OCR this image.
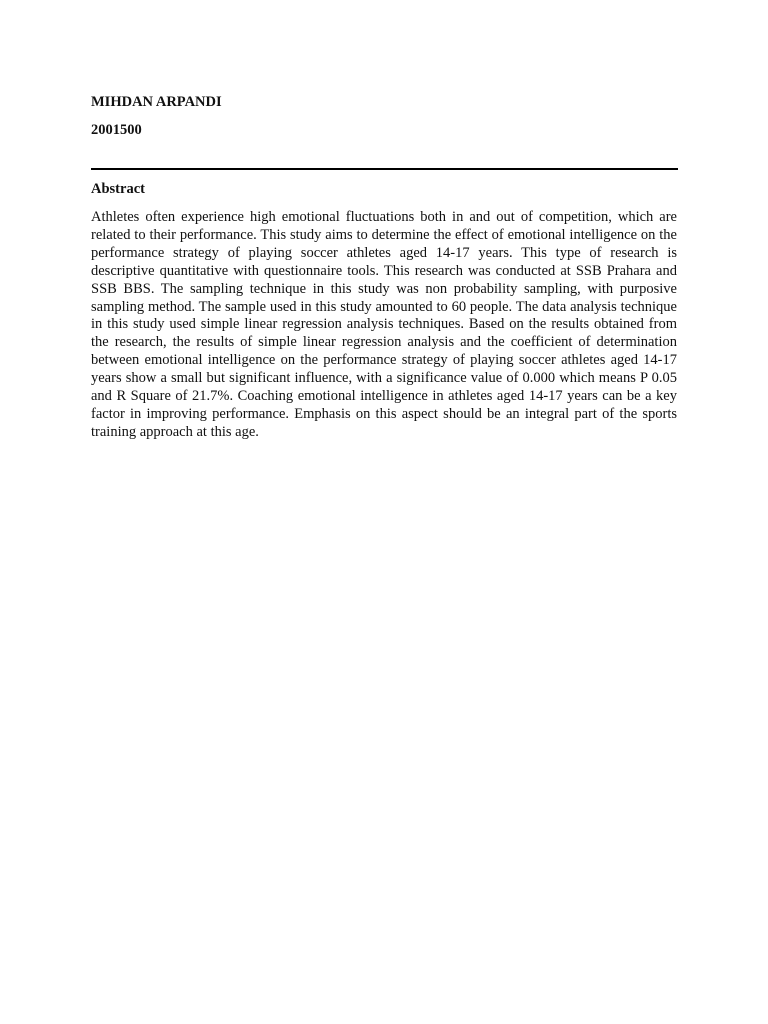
MIHDAN ARPANDI

2001500

Abstract

Athletes often experience high emotional fluctuations both in and out of competition, which are related to their performance. This study aims to determine the effect of emotional intelligence on the performance strategy of playing soccer athletes aged 14-17 years. This type of research is descriptive quantitative with questionnaire tools. This research was conducted at SSB Prahara and SSB BBS. The sampling technique in this study was non probability sampling, with purposive sampling method. The sample used in this study amounted to 60 people. The data analysis technique in this study used simple linear regression analysis techniques. Based on the results obtained from the research, the results of simple linear regression analysis and the coefficient of determination between emotional intelligence on the performance strategy of playing soccer athletes aged 14-17 years show a small but significant influence, with a significance value of 0.000 which means P 0.05 and R Square of 21.7%. Coaching emotional intelligence in athletes aged 14-17 years can be a key factor in improving performance. Emphasis on this aspect should be an integral part of the sports training approach at this age.
